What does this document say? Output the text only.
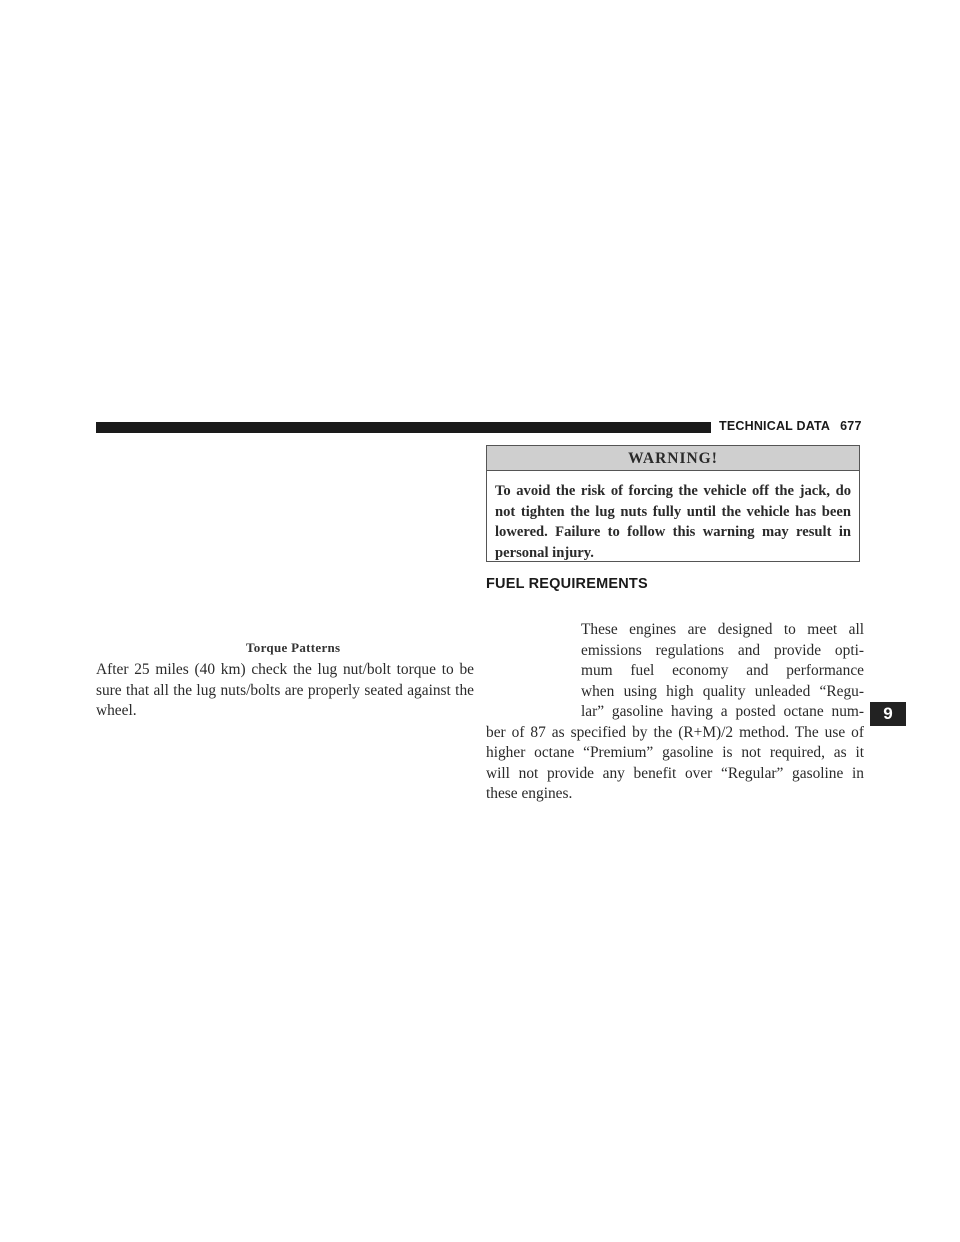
TECHNICAL DATA 677
Torque Patterns
After 25 miles (40 km) check the lug nut/bolt torque to be sure that all the lug nuts/bolts are properly seated against the wheel.
WARNING!
To avoid the risk of forcing the vehicle off the jack, do not tighten the lug nuts fully until the vehicle has been lowered. Failure to follow this warning may result in personal injury.
FUEL REQUIREMENTS
These engines are designed to meet all
emissions regulations and provide opti-
mum fuel economy and performance
when using high quality unleaded “Regu-
lar” gasoline having a posted octane num-
ber of 87 as specified by the (R+M)/2 method. The use of
higher octane “Premium” gasoline is not required, as it
will not provide any benefit over “Regular” gasoline in
these engines.
9
